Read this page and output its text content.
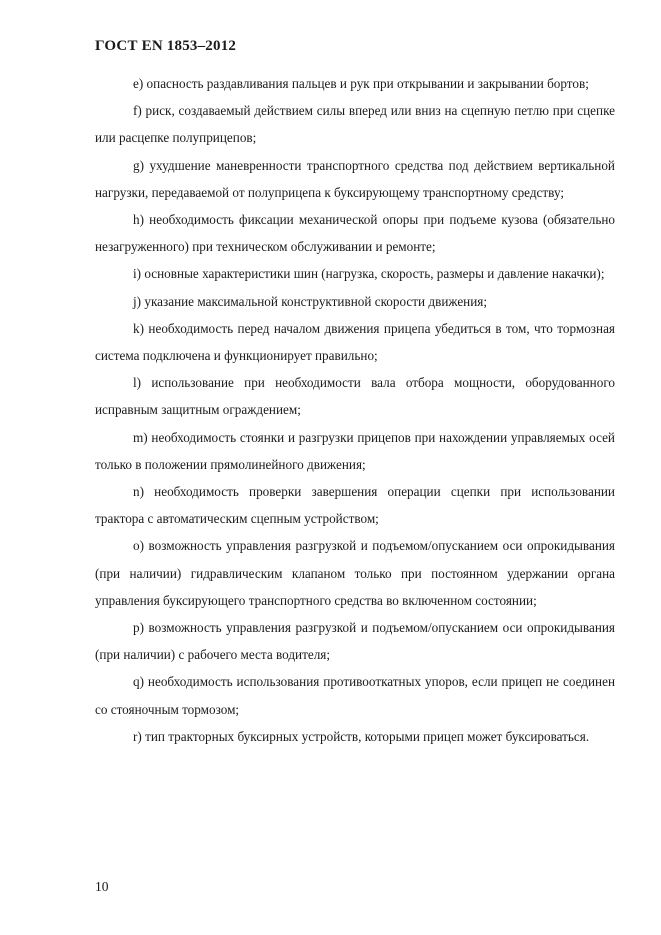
ГОСТ EN 1853–2012

e) опасность раздавливания пальцев и рук при открывании и закрывании бортов;

f) риск, создаваемый действием силы вперед или вниз на сцепную петлю при сцепке или расцепке полуприцепов;

g) ухудшение маневренности транспортного средства под действием вертикальной нагрузки, передаваемой от полуприцепа к буксирующему транспортному средству;

h) необходимость фиксации механической опоры при подъеме кузова (обязательно незагруженного) при техническом обслуживании и ремонте;

i) основные характеристики шин (нагрузка, скорость, размеры и давление накачки);

j) указание максимальной конструктивной скорости движения;

k) необходимость перед началом движения прицепа убедиться в том, что тормозная система подключена и функционирует правильно;

l) использование при необходимости вала отбора мощности, оборудованного исправным защитным ограждением;

m) необходимость стоянки и разгрузки прицепов при нахождении управляемых осей только в положении прямолинейного движения;

n) необходимость проверки завершения операции сцепки при использовании трактора с автоматическим сцепным устройством;

o) возможность управления разгрузкой и подъемом/опусканием оси опрокидывания (при наличии) гидравлическим клапаном только при постоянном удержании органа управления буксирующего транспортного средства во включенном состоянии;

p) возможность управления разгрузкой и подъемом/опусканием оси опрокидывания (при наличии) с рабочего места водителя;

q) необходимость использования противооткатных упоров, если прицеп не соединен со стояночным тормозом;

r) тип тракторных буксирных устройств, которыми прицеп может буксироваться.

10
